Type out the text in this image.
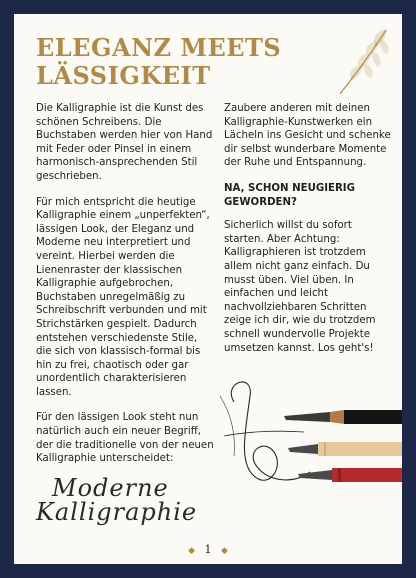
ELEGANZ MEETS
LÄSSIGKEIT

Die Kalligraphie ist die Kunst des schönen Schreibens. Die Buchstaben werden hier von Hand mit Feder oder Pinsel in einem harmonisch-ansprechenden Stil geschrieben.

Für mich entspricht die heutige Kalligraphie einem „unperfekten“, lässigen Look, der Eleganz und Moderne neu interpretiert und vereint. Hierbei werden die Lienenraster der klassischen Kalligraphie aufgebrochen, Buchstaben unregelmäßig zu Schreibschrift verbunden und mit Strichstärken gespielt. Dadurch entstehen verschiedenste Stile, die sich von klassisch-formal bis hin zu frei, chaotisch oder gar unordentlich charakterisieren lassen.

Für den lässigen Look steht nun natürlich auch ein neuer Begriff, der die traditionelle von der neuen Kalligraphie unterscheidet:

Moderne
Kalligraphie

Zaubere anderen mit deinen Kalligraphie-Kunstwerken ein Lächeln ins Gesicht und schenke dir selbst wunderbare Momente der Ruhe und Entspannung.

NA, SCHON NEUGIERIG GEWORDEN?

Sicherlich willst du sofort starten. Aber Achtung: Kalligraphieren ist trotzdem allem nicht ganz einfach. Du musst üben. Viel üben. In einfachen und leicht nachvollziehbaren Schritten zeige ich dir, wie du trotzdem schnell wundervolle Projekte umsetzen kannst. Los geht's!

◆ 1 ◆
